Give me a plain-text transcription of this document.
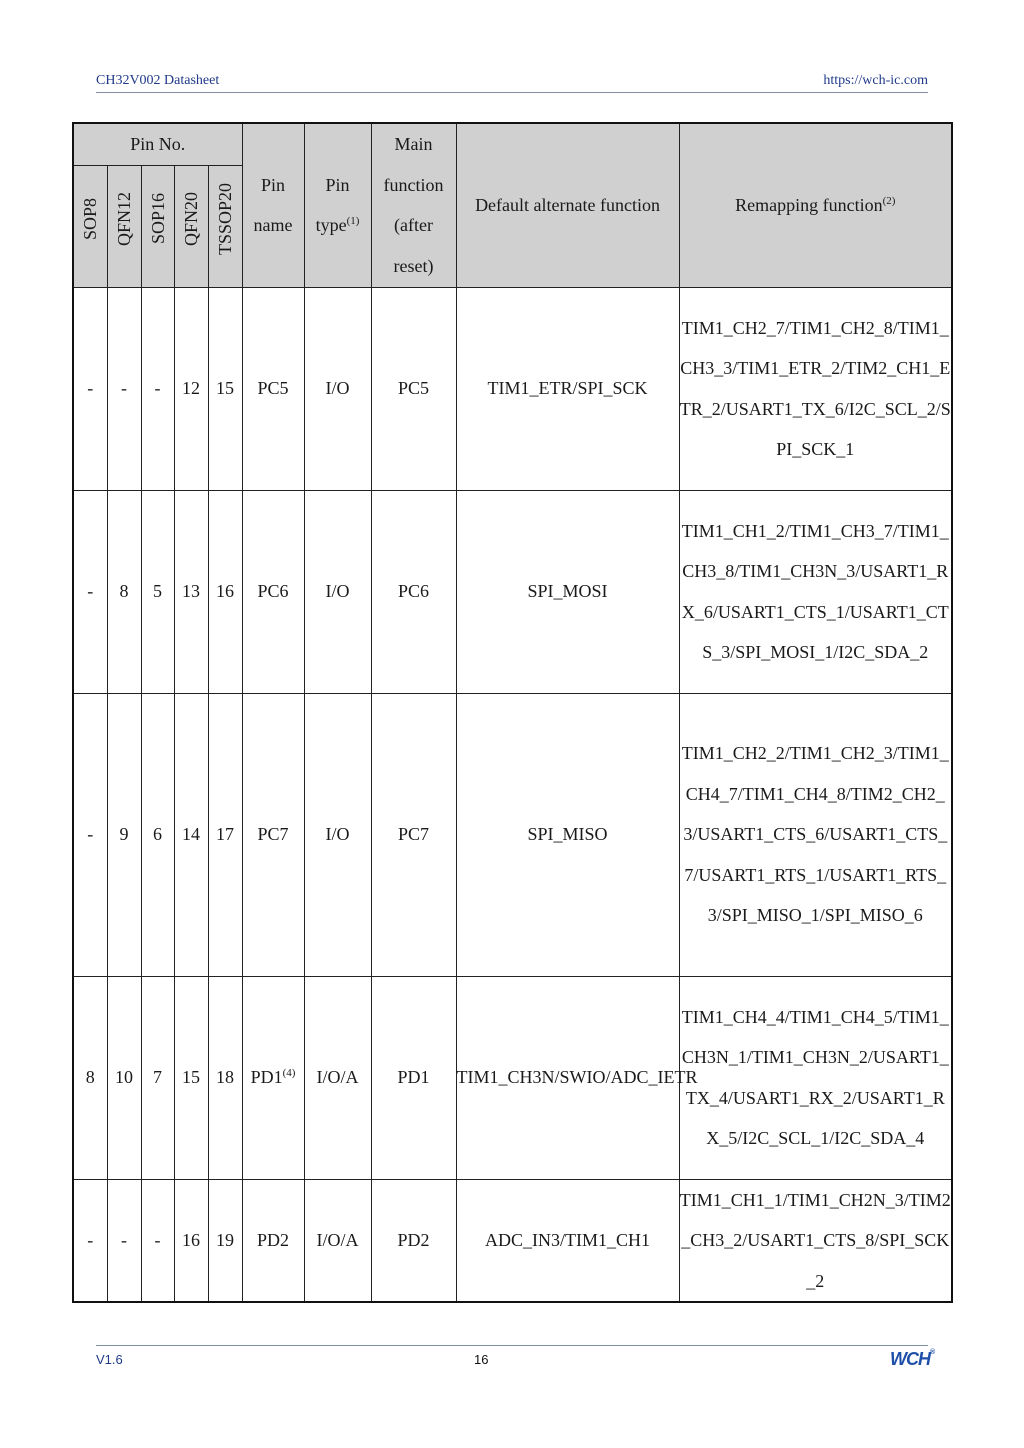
CH32V002 Datasheet	https://wch-ic.com
Pin No.					Pin name	Pin type$^{(1)}$	Main function (after reset)	Default alternate function	Remapping function$^{(2)}$
SOP8	QFN12	SOP16	QFN20	TSSOP20					
-	-	-	12	15	PC5	I/O	PC5	TIM1_ETR/SPI_SCK	TIM1_CH2_7/TIM1_CH2_8/TIM1_CH3_3/TIM1_ETR_2/TIM2_CH1_ETR_2/USART1_TX_6/I2C_SCL_2/SPI_SCK_1
-	8	5	13	16	PC6	I/O	PC6	SPI_MOSI	TIM1_CH1_2/TIM1_CH3_7/TIM1_CH3_8/TIM1_CH3N_3/USART1_RX_6/USART1_CTS_1/USART1_CTS_3/SPI_MOSI_1/I2C_SDA_2
-	9	6	14	17	PC7	I/O	PC7	SPI_MISO	TIM1_CH2_2/TIM1_CH2_3/TIM1_CH4_7/TIM1_CH4_8/TIM2_CH2_3/USART1_CTS_6/USART1_CTS_7/USART1_RTS_1/USART1_RTS_3/SPI_MISO_1/SPI_MISO_6
8	10	7	15	18	PD1$^{(4)}$	I/O/A	PD1	TIM1_CH3N/SWIO/ADC_IETR	TIM1_CH4_4/TIM1_CH4_5/TIM1_CH3N_1/TIM1_CH3N_2/USART1_TX_4/USART1_RX_2/USART1_RX_5/I2C_SCL_1/I2C_SDA_4
-	-	-	16	19	PD2	I/O/A	PD2	ADC_IN3/TIM1_CH1	TIM1_CH1_1/TIM1_CH2N_3/TIM2_CH3_2/USART1_CTS_8/SPI_SCK_2
V1.6	16	WCH®
